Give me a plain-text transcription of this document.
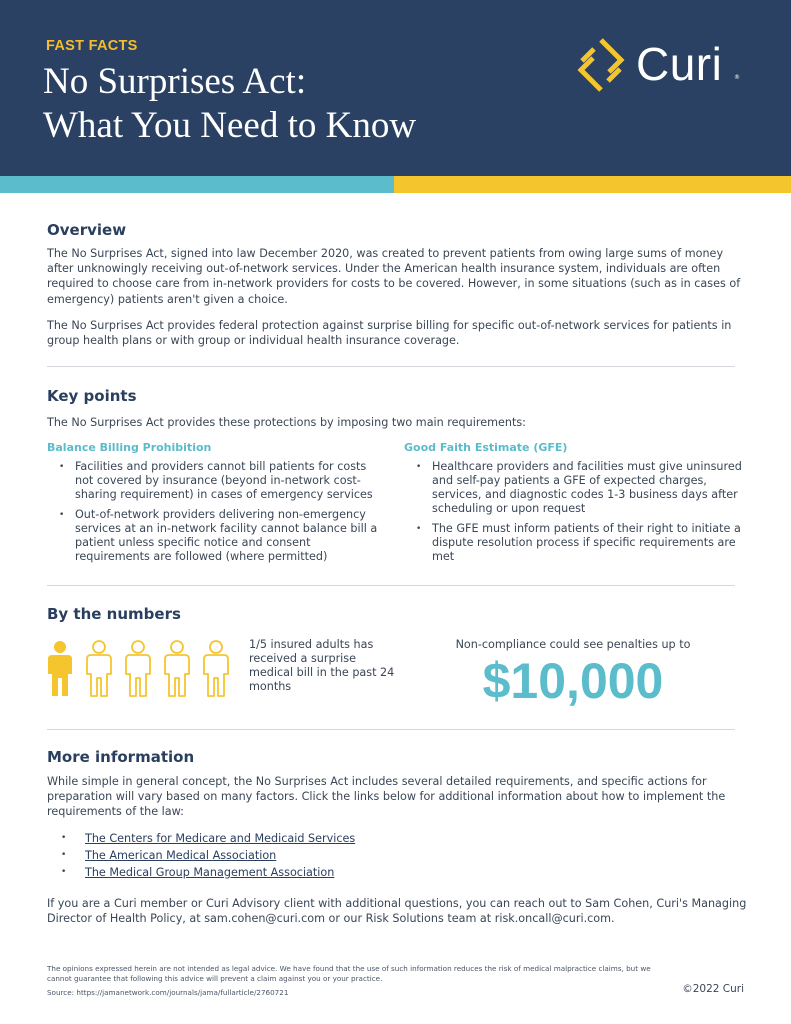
FAST FACTS
No Surprises Act:
What You Need to Know
Curi ®
Overview

The No Surprises Act, signed into law December 2020, was created to prevent patients from owing large sums of money after unknowingly receiving out-of-network services. Under the American health insurance system, individuals are often required to choose care from in-network providers for costs to be covered. However, in some situations (such as in cases of emergency) patients aren't given a choice.

The No Surprises Act provides federal protection against surprise billing for specific out-of-network services for patients in group health plans or with group or individual health insurance coverage.

Key points

The No Surprises Act provides these protections by imposing two main requirements:

Balance Billing Prohibition
• Facilities and providers cannot bill patients for costs not covered by insurance (beyond in-network cost-sharing requirement) in cases of emergency services
• Out-of-network providers delivering non-emergency services at an in-network facility cannot balance bill a patient unless specific notice and consent requirements are followed (where permitted)
Good Faith Estimate (GFE)
• Healthcare providers and facilities must give uninsured and self-pay patients a GFE of expected charges, services, and diagnostic codes 1-3 business days after scheduling or upon request
• The GFE must inform patients of their right to initiate a dispute resolution process if specific requirements are met
By the numbers

1/5 insured adults has received a surprise medical bill in the past 24 months

Non-compliance could see penalties up to
$10,000
More information

While simple in general concept, the No Surprises Act includes several detailed requirements, and specific actions for preparation will vary based on many factors. Click the links below for additional information about how to implement the requirements of the law:

• The Centers for Medicare and Medicaid Services
• The American Medical Association
• The Medical Group Management Association

If you are a Curi member or Curi Advisory client with additional questions, you can reach out to Sam Cohen, Curi's Managing Director of Health Policy, at sam.cohen@curi.com or our Risk Solutions team at risk.oncall@curi.com.

The opinions expressed herein are not intended as legal advice. We have found that the use of such information reduces the risk of medical malpractice claims, but we cannot guarantee that following this advice will prevent a claim against you or your practice.

Source: https://jamanetwork.com/journals/jama/fullarticle/2760721	©2022 Curi
